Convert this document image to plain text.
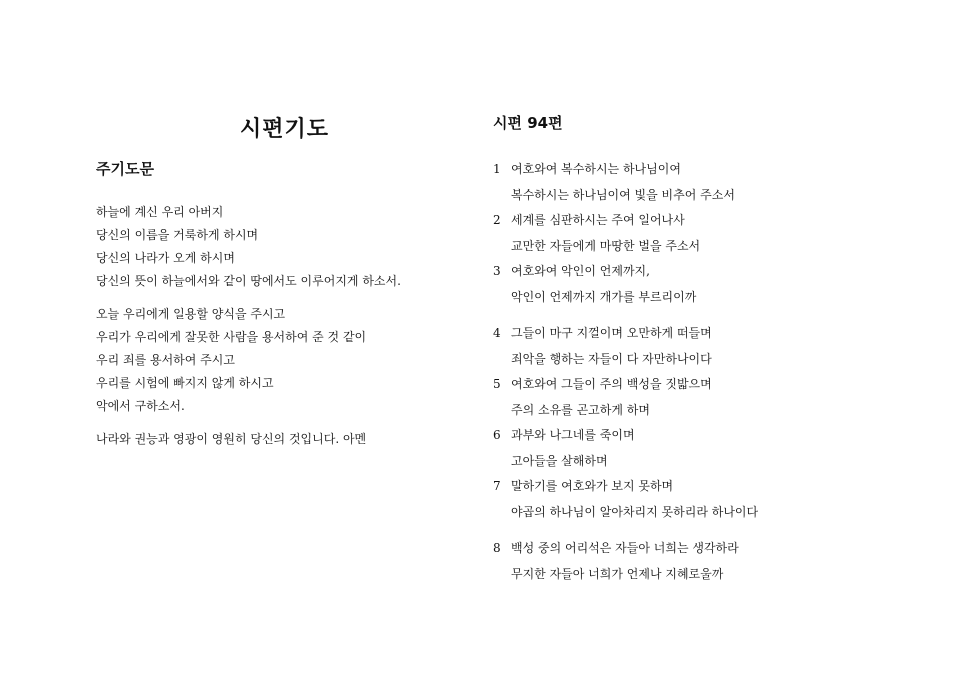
시편기도
주기도문
하늘에 계신 우리 아버지
당신의 이름을 거룩하게 하시며
당신의 나라가 오게 하시며
당신의 뜻이 하늘에서와 같이 땅에서도 이루어지게 하소서.
오늘 우리에게 일용할 양식을 주시고
우리가 우리에게 잘못한 사람을 용서하여 준 것 같이
우리 죄를 용서하여 주시고
우리를 시험에 빠지지 않게 하시고
악에서 구하소서.
나라와 권능과 영광이 영원히 당신의 것입니다. 아멘
시편 94편
1 여호와여 복수하시는 하나님이여
복수하시는 하나님이여 빛을 비추어 주소서
2 세계를 심판하시는 주여 일어나사
교만한 자들에게 마땅한 벌을 주소서
3 여호와여 악인이 언제까지,
악인이 언제까지 개가를 부르리이까
4 그들이 마구 지껄이며 오만하게 떠들며
죄악을 행하는 자들이 다 자만하나이다
5 여호와여 그들이 주의 백성을 짓밟으며
주의 소유를 곤고하게 하며
6 과부와 나그네를 죽이며
고아들을 살해하며
7 말하기를 여호와가 보지 못하며
야곱의 하나님이 알아차리지 못하리라 하나이다
8 백성 중의 어리석은 자들아 너희는 생각하라
무지한 자들아 너희가 언제나 지혜로울까
